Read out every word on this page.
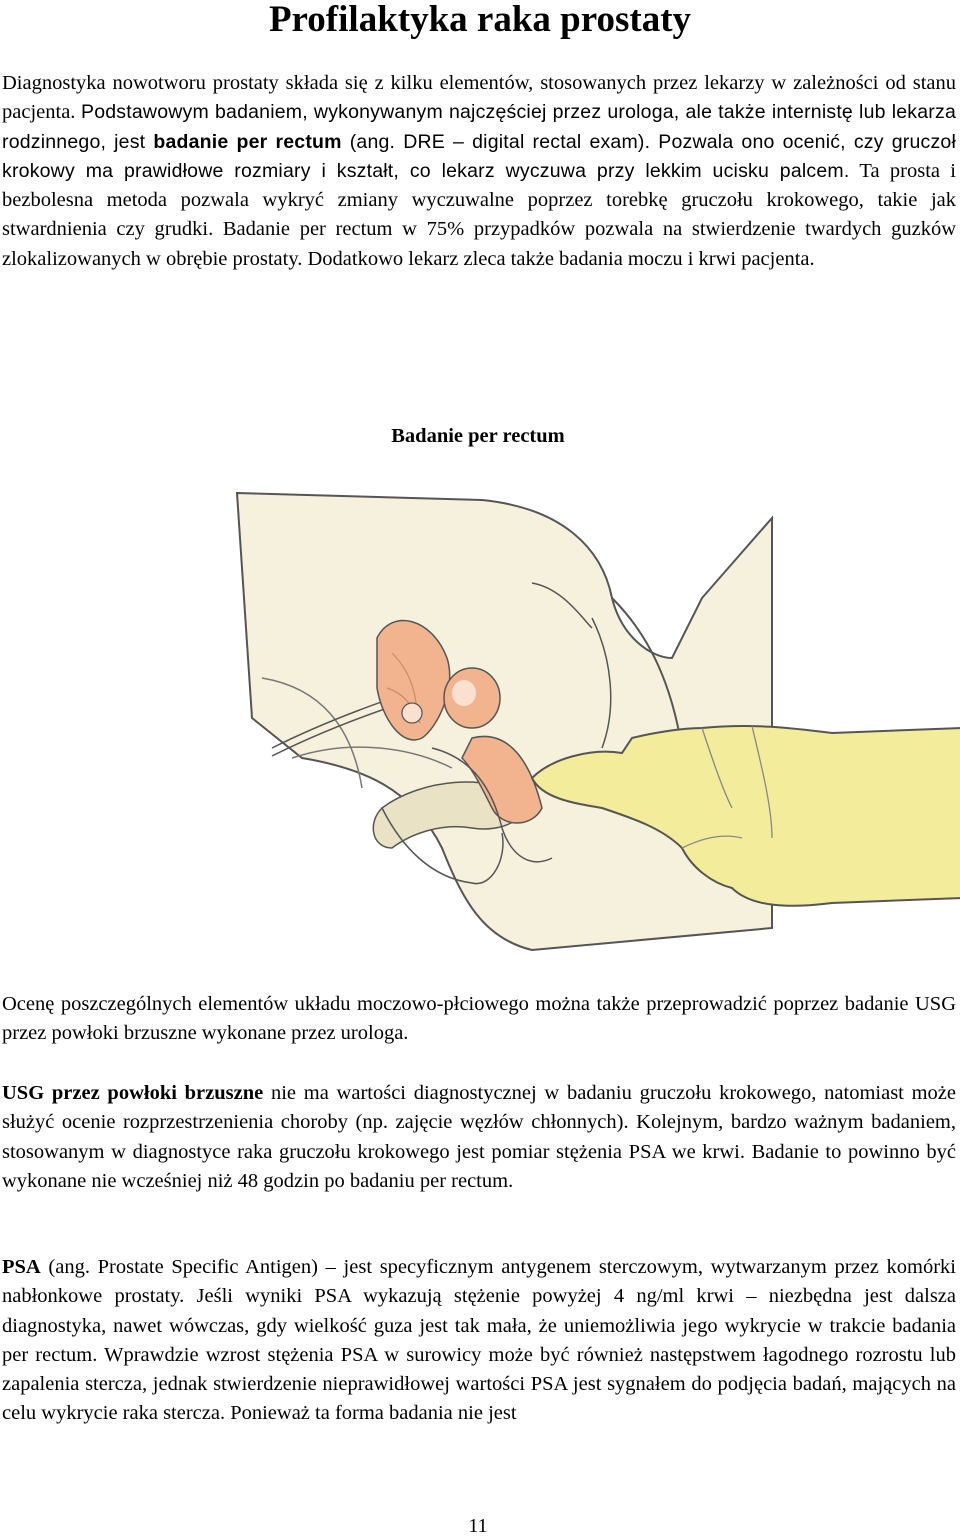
Profilaktyka raka prostaty

Diagnostyka nowotworu prostaty składa się z kilku elementów, stosowanych przez lekarzy w zależności od stanu pacjenta. Podstawowym badaniem, wykonywanym najczęściej przez urologa, ale także internistę lub lekarza rodzinnego, jest badanie per rectum (ang. DRE – digital rectal exam). Pozwala ono ocenić, czy gruczoł krokowy ma prawidłowe rozmiary i kształt, co lekarz wyczuwa przy lekkim ucisku palcem. Ta prosta i bezbolesna metoda pozwala wykryć zmiany wyczuwalne poprzez torebkę gruczołu krokowego, takie jak stwardnienia czy grudki. Badanie per rectum w 75% przypadków pozwala na stwierdzenie twardych guzków zlokalizowanych w obrębie prostaty. Dodatkowo lekarz zleca także badania moczu i krwi pacjenta.

Badanie per rectum

Ocenę poszczególnych elementów układu moczowo-płciowego można także przeprowadzić poprzez badanie USG przez powłoki brzuszne wykonane przez urologa.

USG przez powłoki brzuszne nie ma wartości diagnostycznej w badaniu gruczołu krokowego, natomiast może służyć ocenie rozprzestrzenienia choroby (np. zajęcie węzłów chłonnych). Kolejnym, bardzo ważnym badaniem, stosowanym w diagnostyce raka gruczołu krokowego jest pomiar stężenia PSA we krwi. Badanie to powinno być wykonane nie wcześniej niż 48 godzin po badaniu per rectum.

PSA (ang. Prostate Specific Antigen) – jest specyficznym antygenem sterczowym, wytwarzanym przez komórki nabłonkowe prostaty. Jeśli wyniki PSA wykazują stężenie powyżej 4 ng/ml krwi – niezbędna jest dalsza diagnostyka, nawet wówczas, gdy wielkość guza jest tak mała, że uniemożliwia jego wykrycie w trakcie badania per rectum. Wprawdzie wzrost stężenia PSA w surowicy może być również następstwem łagodnego rozrostu lub zapalenia stercza, jednak stwierdzenie nieprawidłowej wartości PSA jest sygnałem do podjęcia badań, mających na celu wykrycie raka stercza. Ponieważ ta forma badania nie jest

11
